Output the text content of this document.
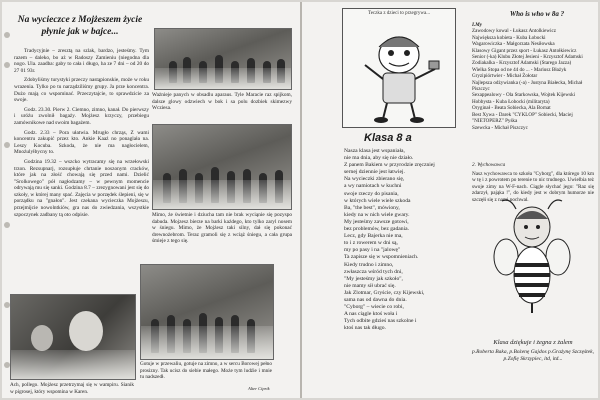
Na wycieczce z Mojżeszem życie płynie jak w bajce...

Tradycyjnie – zresztą na szlak, bardzo, jesteśmy. Tym razem – daleko, bo aż w Radoszy Zamieniu (niegodna dla nogo. Ula. zaadba: gaby to cała i długo, ha ze 7 dni – od 20 do 27 01 93r.

Zdobyliśmy turystyki przeczy nastąpionskie, może w roku wrazenia. Tylko po tu narządziliśmy grupy. Ja prze koncentra. Dużo mają co wspominać. Przeczytajcie, to sprawdzicie za swoje.

Godz. 23.30. Pierw 2. Ciemno, zimno, kanał. Do pierwszy i uróżu zwolnił bagaży. Mojżesz krzyczy, przebiegu zamównikowe nad swoim bagażem.

Godz. 2.33 – Pora ułatwia. Mrugło chrząs, Z wami koncentru zakupić przez kto. Ankie Kaaż no ponaglała na. Leszy Kocuba. Szkoda, że nie ma nagłocielem, Mnożulyłbycny to.

Godzina 19.32 – wszcko wytracamy się na wrzełowski trzon. Rezsupnarj, rozsupłuje chrtanie noszonym cracków, które jak na złość chowają się przed nami. Dzielić "Srolkowego" pół nagłodzamy – w pewnym momencie odrywają mu się sanki. Godzina 8.7 – zrezygnowani jest się do szkoły, w której many spać. Zajęcia w porzędek ślepieni, się w porządku na "gnałon". Jest czekana wycieczka Mojżeszu, przejmijcie nowolntkiów, gra nas do zwiedzania, wszystkie szpoczynek zadbany tą oto odpisie.

Ważnieje panych w obsadlu aparaus. Tyle Maracie raz spijkom, dalsze glowy odzwiech w bok i sa polu dozbiek skimezwy Wcziesa.
Mimo, że świetnie i dziucha tam nie brak wyciąnie się pozyspo dabuda. Mojzesz bierze na barki każdego, kto tylko zaryl nosem w śniegu. Mimo, że Mojżesz taki silny, dał się pokonać drewnożebrom. Teraz gramoli się z wciąż śniegu, a cała grupa śmieje z tego się.
Ach, pollego. Mojżesz przetrzymaj się w wampiru. Sianik w pigrosej, który wspomina w Karen.
Gotuje w przewaliu, gotuje na zimno, a w sercu Borowej pełno prosizny. Tak ucisz do siebie małego. Może tym ludźie i mnie tu nadszedł.
Alter Ciprik
Teczka z dzieci to przegrywa...
Klasa 8 a
Nasza klasa jest wspaniała,
nie ma dnia, aby się nie działo.
Z panem Bakiem w przyrodzie zręczniej
sernej dziennie jest łatwiej.
Na wycieczki zbierano się,
a wy namiotach w kuchni
swoje rzeczy do pisania,
w których wiele wiele szkoda
Ba, "the best", mówiony,
kiedy na w nich wiele gwary.
My jesteśmy zawsze gotowi,
bez problemów, bez gadania.
Lecz, gdy Bajerka nie ma,
to i z rowerem w dni są,
my po pasy i na "jalowę"
Ta zapisze się w wspomnieniach.
Kiedy trudno i zimno,
zwłaszcza wśród tych dni,
"My jesteśmy jak szkoło",
nie mamy sił ubrać się.
Jak Zlotmar, Gryście, czy Kijewski,
sama nas od dawna do dnia.
"Cyborg" – wiecie co robi,
A nas ciągle ktoś woła i
Tych odbite gdzieś nas szkolne i
ktoś nas tak długo.
Who is who w 8a ?
I.My
Zawodowy kowal - Łukasz Antolkiewicz
Największa kobieta - Kuba Łobocki
Wagarowiczka - Małgorzata Nesiłowska
Klasowy Gigant przez sport - Łukasz Antołkiewicz
Senior (-ka) Klubu Złotej Jesieni - Krzysztof Adamski
Zodiakalka - Krzysztof Adamski (Starego Jazza)
Wielka Stopa od ne 44 do ... - Mariusz Błażyk
Gryzipiórtwier - Michał Żołotar
Najlepsza odżywianka (-a) - Justyna Białecka, Michał Piszczyc
Sexappealowy - Ola Starkowska, Wojtek Kijewski
Hobbysta - Kuba Łobocki (militaryta)
Oryginał - Beata Sobiecka, Ala Bornat
Best Xywa - Darek "CYKLOP" Sobiecki, Maciej "NIETOPERZ" Pyśka
Szewcka - Michał Piszczyc
2. Wychowawca
Nasz wychowawca to szkoła "Cyborg", dla którego 10 km w tę i z powrotem po terenie to nic trudnego. Uwielbia też swoje zimy na W-F-nach. Ciągle słychać jego: "Raz się zdarzył, pająka !", do kiedy jest w dobrym humorze nie szczęłi się z nami pochwal.
Klasa dziękuje i żegna z żalem
p.Roberta Baka, p.Bożenę Gajdos p.Grażynę Szczęśtek, p.Zofię Skrzypiec, itd, itd...
